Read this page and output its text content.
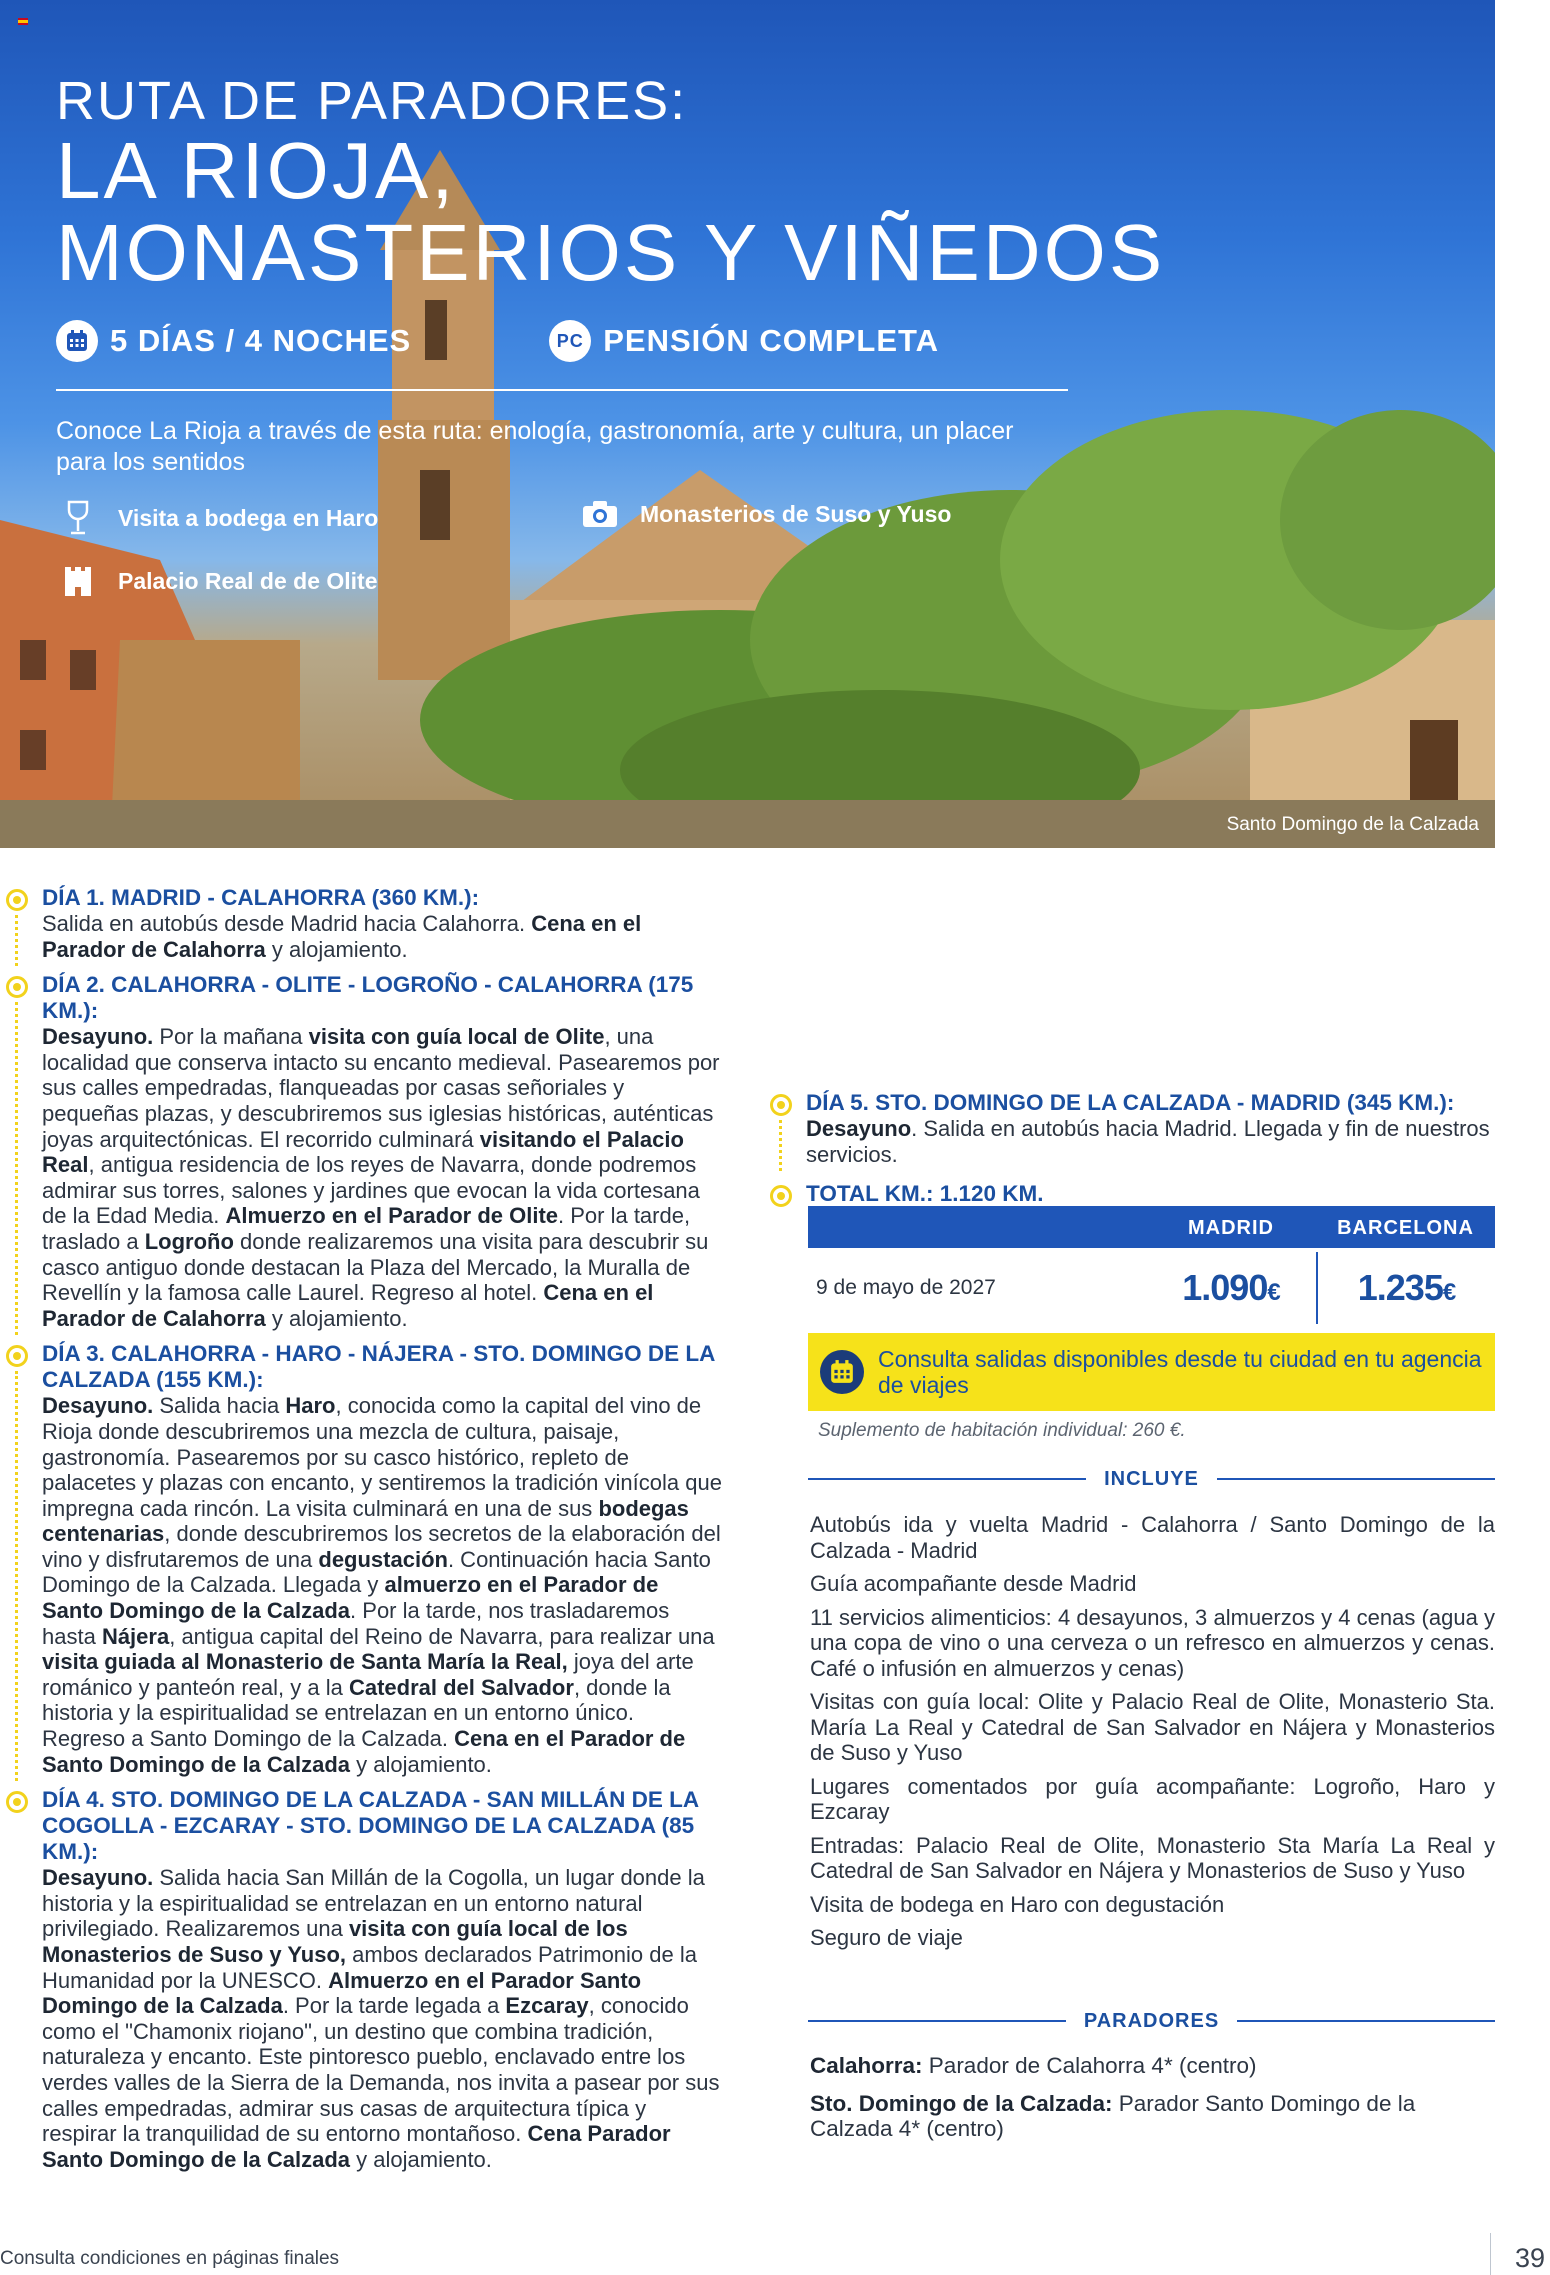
RUTA DE PARADORES:
LA RIOJA,
MONASTERIOS Y VIÑEDOS
5 DÍAS / 4 NOCHES	PC PENSIÓN COMPLETA
Conoce La Rioja a través de esta ruta: enología, gastronomía, arte y cultura, un placer para los sentidos
Visita a bodega en Haro	Monasterios de Suso y Yuso
Palacio Real de de Olite
Santo Domingo de la Calzada
DÍA 1. MADRID - CALAHORRA (360 KM.):
Salida en autobús desde Madrid hacia Calahorra. Cena en el Parador de Calahorra y alojamiento.
DÍA 2. CALAHORRA - OLITE - LOGROÑO - CALAHORRA (175 KM.):
Desayuno. Por la mañana visita con guía local de Olite, una localidad que conserva intacto su encanto medieval. Pasearemos por sus calles empedradas, flanqueadas por casas señoriales y pequeñas plazas, y descubriremos sus iglesias históricas, auténticas joyas arquitectónicas. El recorrido culminará visitando el Palacio Real, antigua residencia de los reyes de Navarra, donde podremos admirar sus torres, salones y jardines que evocan la vida cortesana de la Edad Media. Almuerzo en el Parador de Olite. Por la tarde, traslado a Logroño donde realizaremos una visita para descubrir su casco antiguo donde destacan la Plaza del Mercado, la Muralla de Revellín y la famosa calle Laurel. Regreso al hotel. Cena en el Parador de Calahorra y alojamiento.
DÍA 3. CALAHORRA - HARO - NÁJERA - STO. DOMINGO DE LA CALZADA (155 KM.):
Desayuno. Salida hacia Haro, conocida como la capital del vino de Rioja donde descubriremos una mezcla de cultura, paisaje, gastronomía. Pasearemos por su casco histórico, repleto de palacetes y plazas con encanto, y sentiremos la tradición vinícola que impregna cada rincón. La visita culminará en una de sus bodegas centenarias, donde descubriremos los secretos de la elaboración del vino y disfrutaremos de una degustación. Continuación hacia Santo Domingo de la Calzada. Llegada y almuerzo en el Parador de Santo Domingo de la Calzada. Por la tarde, nos trasladaremos hasta Nájera, antigua capital del Reino de Navarra, para realizar una visita guiada al Monasterio de Santa María la Real, joya del arte románico y panteón real, y a la Catedral del Salvador, donde la historia y la espiritualidad se entrelazan en un entorno único. Regreso a Santo Domingo de la Calzada. Cena en el Parador de Santo Domingo de la Calzada y alojamiento.
DÍA 4. STO. DOMINGO DE LA CALZADA - SAN MILLÁN DE LA COGOLLA - EZCARAY - STO. DOMINGO DE LA CALZADA (85 KM.):
Desayuno. Salida hacia San Millán de la Cogolla, un lugar donde la historia y la espiritualidad se entrelazan en un entorno natural privilegiado. Realizaremos una visita con guía local de los Monasterios de Suso y Yuso, ambos declarados Patrimonio de la Humanidad por la UNESCO. Almuerzo en el Parador Santo Domingo de la Calzada. Por la tarde legada a Ezcaray, conocido como el "Chamonix riojano", un destino que combina tradición, naturaleza y encanto. Este pintoresco pueblo, enclavado entre los verdes valles de la Sierra de la Demanda, nos invita a pasear por sus calles empedradas, admirar sus casas de arquitectura típica y respirar la tranquilidad de su entorno montañoso. Cena Parador Santo Domingo de la Calzada y alojamiento.
DÍA 5. STO. DOMINGO DE LA CALZADA - MADRID (345 KM.):
Desayuno. Salida en autobús hacia Madrid. Llegada y fin de nuestros servicios.
TOTAL KM.: 1.120 KM.
MADRID	BARCELONA
9 de mayo de 2027	1.090€	1.235€
Consulta salidas disponibles desde tu ciudad en tu agencia de viajes
Suplemento de habitación individual: 260 €.
INCLUYE
Autobús ida y vuelta Madrid - Calahorra / Santo Domingo de la Calzada - Madrid
Guía acompañante desde Madrid
11 servicios alimenticios: 4 desayunos, 3 almuerzos y 4 cenas (agua y una copa de vino o una cerveza o un refresco en almuerzos y cenas. Café o infusión en almuerzos y cenas)
Visitas con guía local: Olite y Palacio Real de Olite, Monasterio Sta. María La Real y Catedral de San Salvador en Nájera y Monasterios de Suso y Yuso
Lugares comentados por guía acompañante: Logroño, Haro y Ezcaray
Entradas: Palacio Real de Olite, Monasterio Sta María La Real y Catedral de San Salvador en Nájera y Monasterios de Suso y Yuso
Visita de bodega en Haro con degustación
Seguro de viaje
PARADORES
Calahorra: Parador de Calahorra 4* (centro)
Sto. Domingo de la Calzada: Parador Santo Domingo de la Calzada 4* (centro)
Consulta condiciones en páginas finales	39
